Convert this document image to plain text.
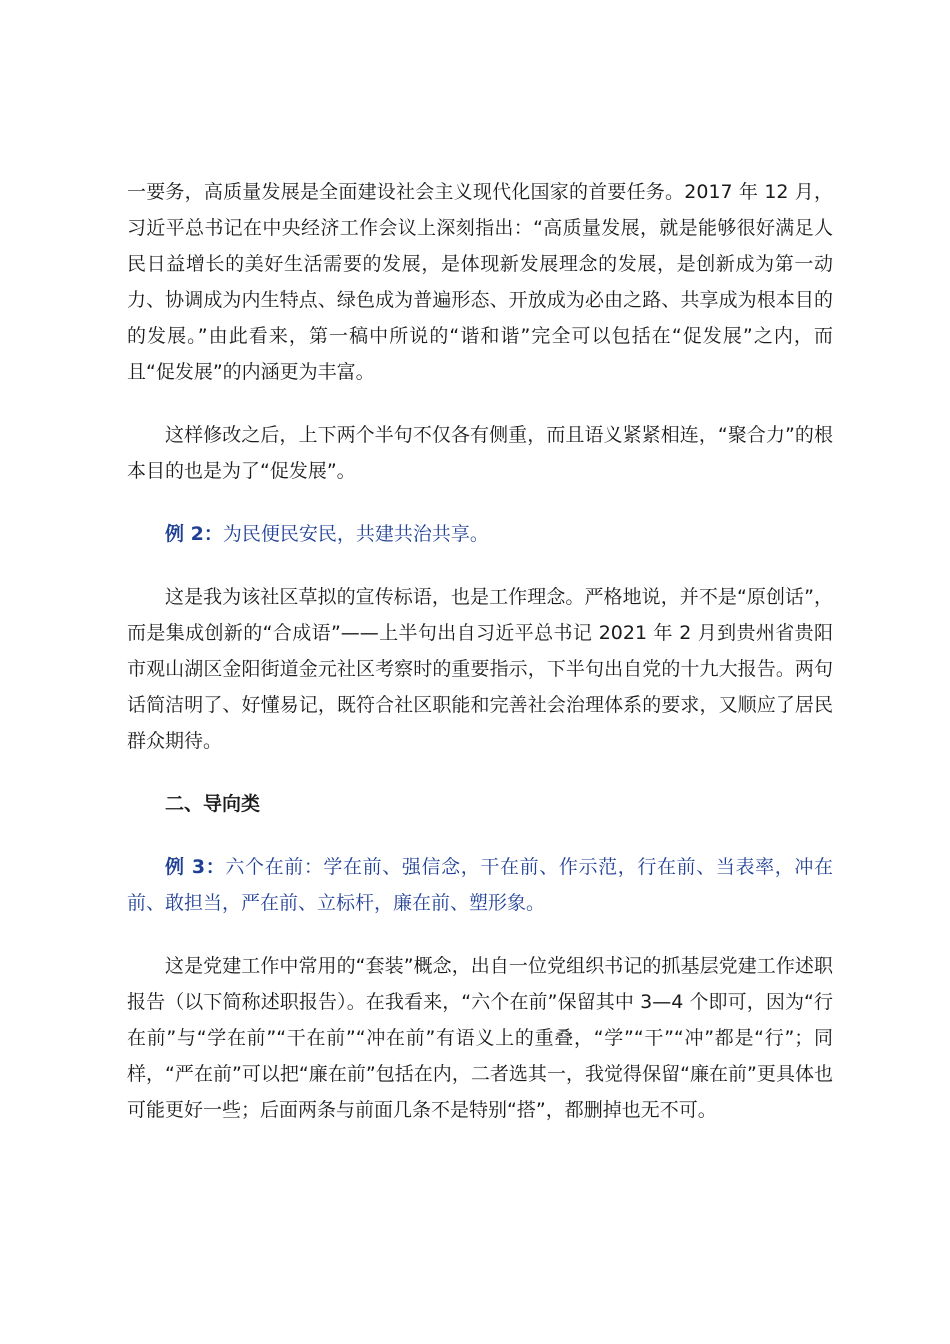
一要务，高质量发展是全面建设社会主义现代化国家的首要任务。2017 年 12 月，习近平总书记在中央经济工作会议上深刻指出：“高质量发展，就是能够很好满足人民日益增长的美好生活需要的发展，是体现新发展理念的发展，是创新成为第一动力、协调成为内生特点、绿色成为普遍形态、开放成为必由之路、共享成为根本目的的发展。”由此看来，第一稿中所说的“谐和谐”完全可以包括在“促发展”之内，而且“促发展”的内涵更为丰富。

这样修改之后，上下两个半句不仅各有侧重，而且语义紧紧相连，“聚合力”的根本目的也是为了“促发展”。

例 2：为民便民安民，共建共治共享。

这是我为该社区草拟的宣传标语，也是工作理念。严格地说，并不是“原创话”，而是集成创新的“合成语”——上半句出自习近平总书记 2021 年 2 月到贵州省贵阳市观山湖区金阳街道金元社区考察时的重要指示，下半句出自党的十九大报告。两句话简洁明了、好懂易记，既符合社区职能和完善社会治理体系的要求，又顺应了居民群众期待。

二、导向类

例 3：六个在前：学在前、强信念，干在前、作示范，行在前、当表率，冲在前、敢担当，严在前、立标杆，廉在前、塑形象。

这是党建工作中常用的“套装”概念，出自一位党组织书记的抓基层党建工作述职报告（以下简称述职报告）。在我看来，“六个在前”保留其中 3—4 个即可，因为“行在前”与“学在前”“干在前”“冲在前”有语义上的重叠，“学”“干”“冲”都是“行”；同样，“严在前”可以把“廉在前”包括在内，二者选其一，我觉得保留“廉在前”更具体也可能更好一些；后面两条与前面几条不是特别“搭”，都删掉也无不可。
